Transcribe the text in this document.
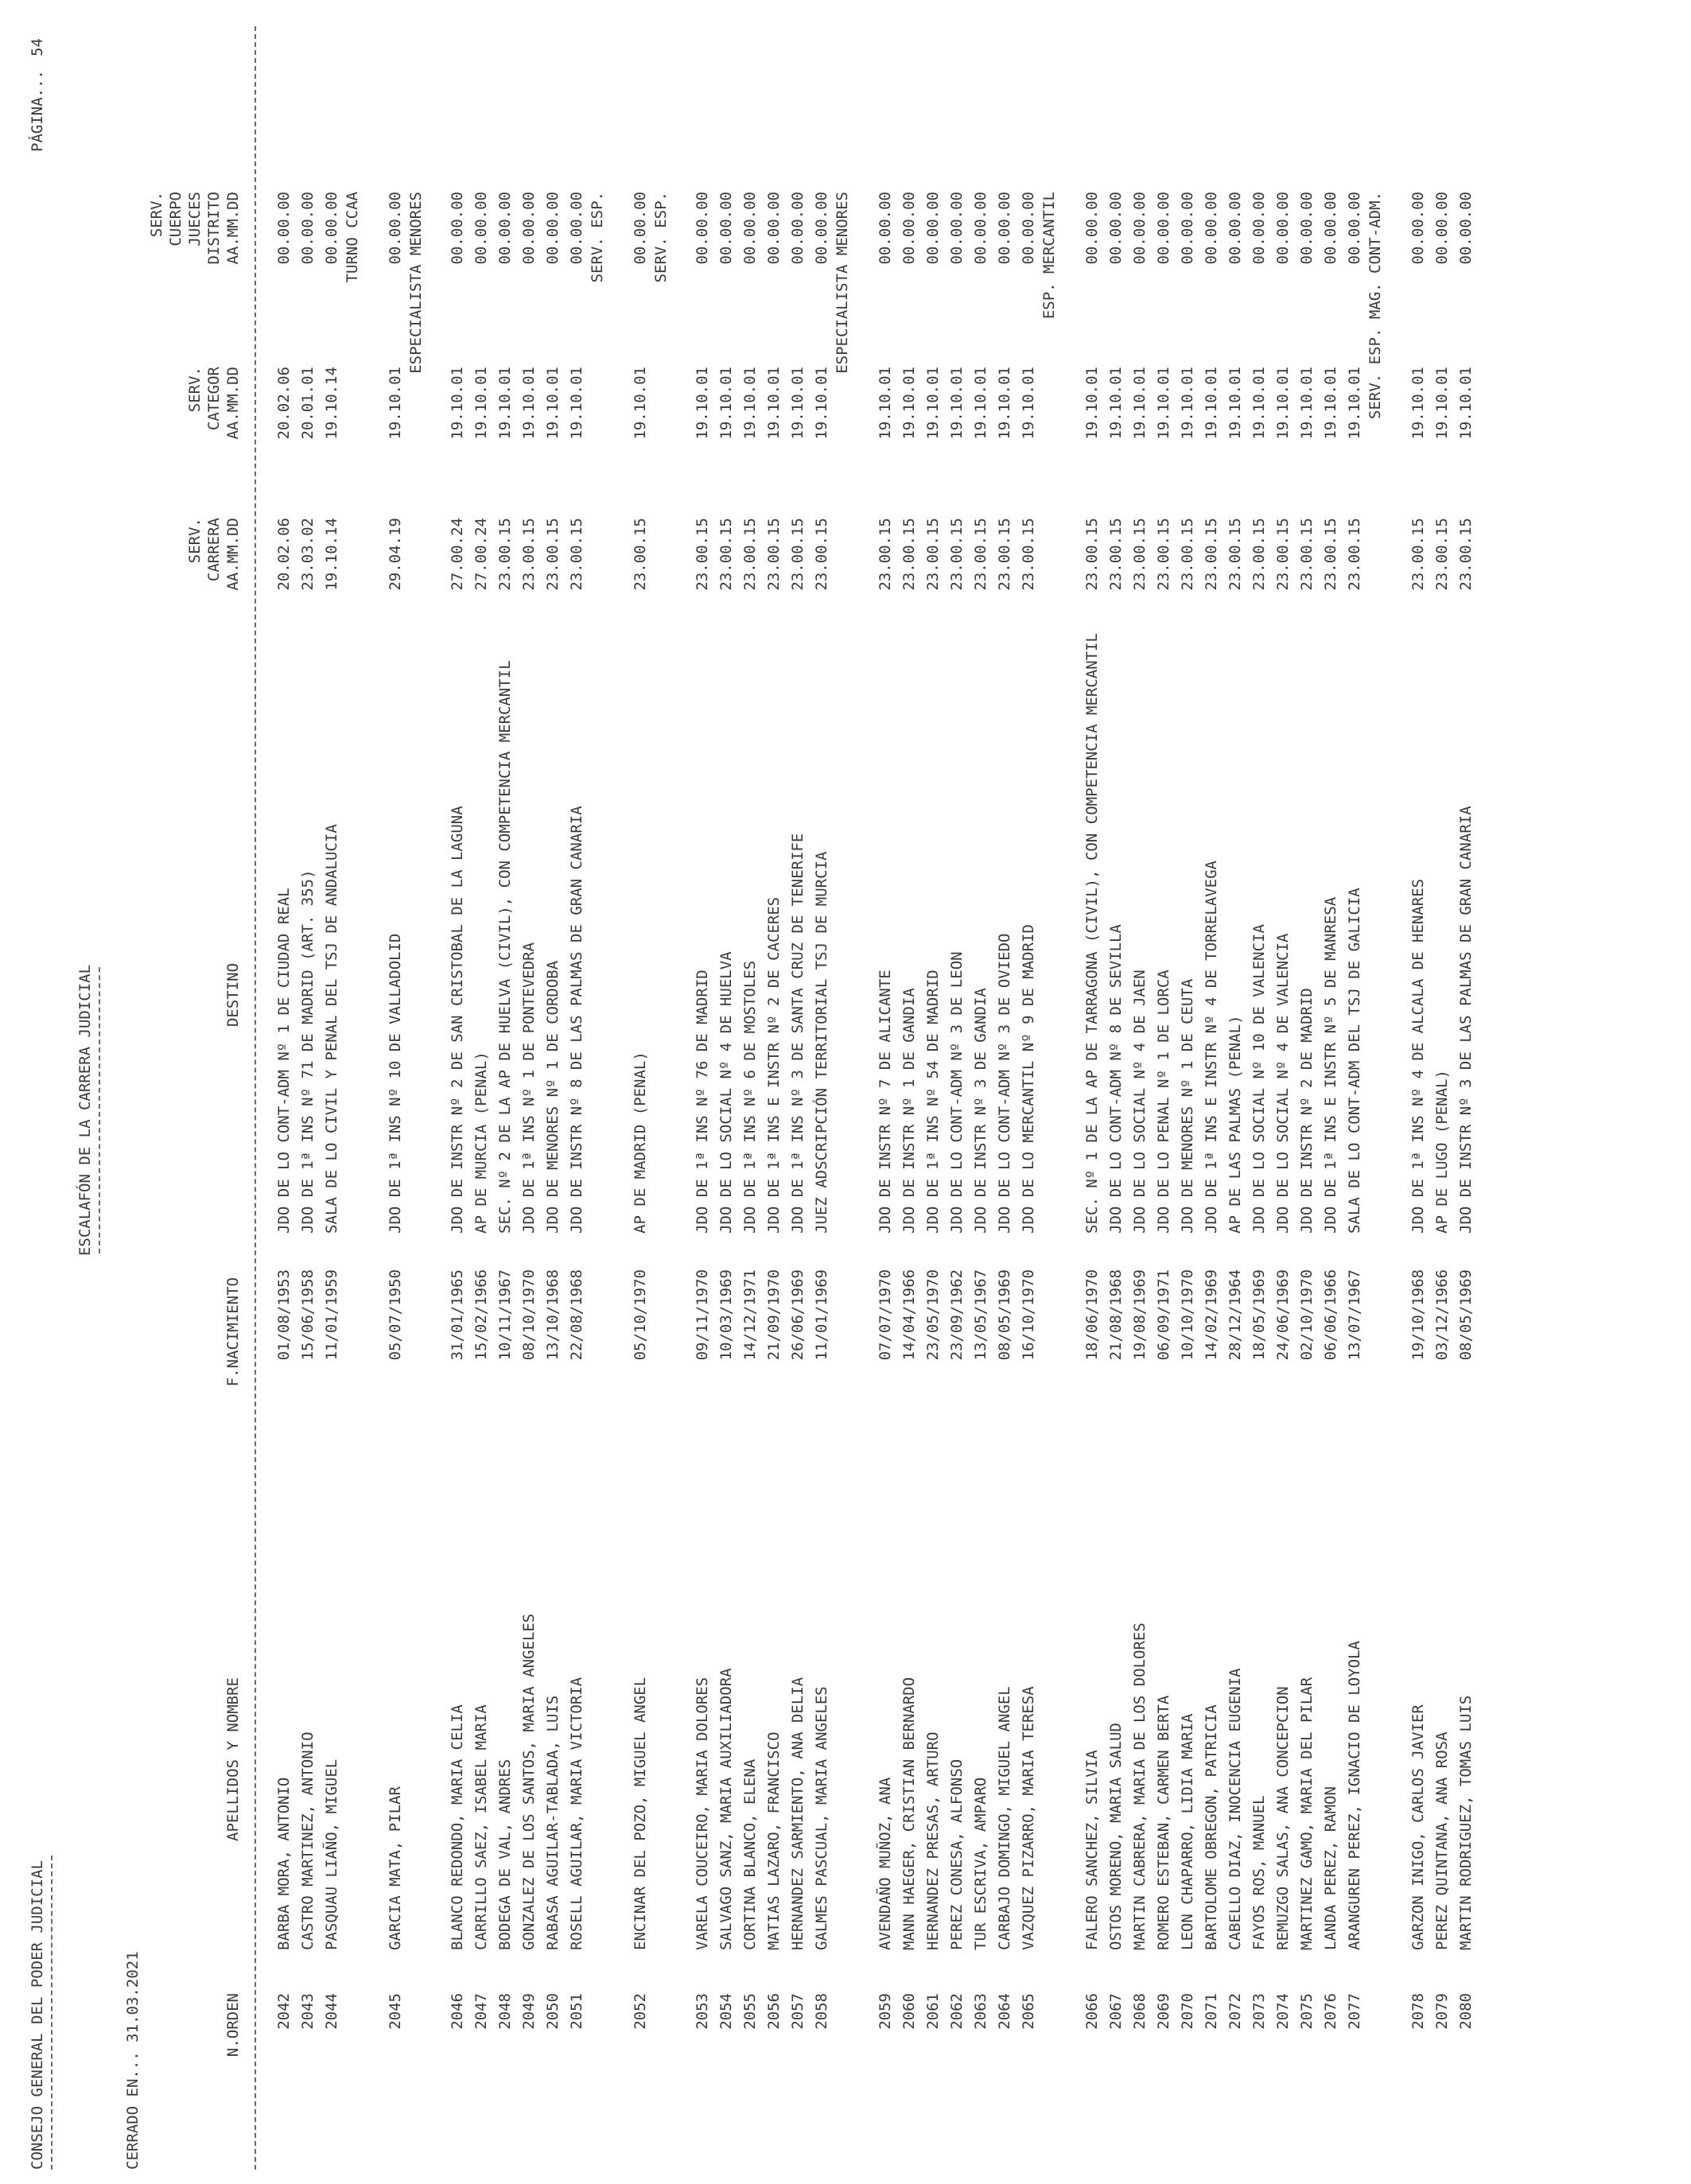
CONSEJO GENERAL DEL PODER JUDICIAL
ESCALAFÓN DE LA CARRERA JUDICIAL
PÁGINA...
54
CERRADO EN... 31.03.2021
SERV. CUERPO JUECES DISTRITO AA.MM.DD
SERV. CATEGOR AA.MM.DD
SERV. CARRERA AA.MM.DD
N.ORDEN
APELLIDOS Y NOMBRE
F.NACIMIENTO
DESTINO
2042
BARBA MORA, ANTONIO
01/08/1953
JDO DE LO CONT-ADM Nº 1 DE CIUDAD REAL
20.02.06
20.02.06
00.00.00
2043
CASTRO MARTINEZ, ANTONIO
15/06/1958
JDO DE 1ª INS Nº 71 DE MADRID (ART. 355)
23.03.02
20.01.01
00.00.00
2044
PASQUAU LIAÑO, MIGUEL
11/01/1959
SALA DE LO CIVIL Y PENAL DEL TSJ DE ANDALUCIA
19.10.14
19.10.14
00.00.00 TURNO CCAA
2045
GARCIA MATA, PILAR
05/07/1950
JDO DE 1ª INS Nº 10 DE VALLADOLID
29.04.19
19.10.01
00.00.00 ESPECIALISTA MENORES
2046
BLANCO REDONDO, MARIA CELIA
31/01/1965
JDO DE INSTR Nº 2 DE SAN CRISTOBAL DE LA LAGUNA
27.00.24
19.10.01
00.00.00
2047
CARRILLO SAEZ, ISABEL MARIA
15/02/1966
AP DE MURCIA (PENAL)
27.00.24
19.10.01
00.00.00
2048
BODEGA DE VAL, ANDRES
10/11/1967
SEC. Nº 2 DE LA AP DE HUELVA (CIVIL), CON COMPETENCIA MERCANTIL
23.00.15
19.10.01
00.00.00
2049
GONZALEZ DE LOS SANTOS, MARIA ANGELES
08/10/1970
JDO DE 1ª INS Nº 1 DE PONTEVEDRA
23.00.15
19.10.01
00.00.00
2050
RABASA AGUILAR-TABLADA, LUIS
13/10/1968
JDO DE MENORES Nº 1 DE CORDOBA
23.00.15
19.10.01
00.00.00
2051
ROSELL AGUILAR, MARIA VICTORIA
22/08/1968
JDO DE INSTR Nº 8 DE LAS PALMAS DE GRAN CANARIA
23.00.15
19.10.01
00.00.00 SERV. ESP.
2052
ENCINAR DEL POZO, MIGUEL ANGEL
05/10/1970
AP DE MADRID (PENAL)
23.00.15
19.10.01
00.00.00 SERV. ESP.
2053
VARELA COUCEIRO, MARIA DOLORES
09/11/1970
JDO DE 1ª INS Nº 76 DE MADRID
23.00.15
19.10.01
00.00.00
2054
SALVAGO SANZ, MARIA AUXILIADORA
10/03/1969
JDO DE LO SOCIAL Nº 4 DE HUELVA
23.00.15
19.10.01
00.00.00
2055
CORTINA BLANCO, ELENA
14/12/1971
JDO DE 1ª INS Nº 6 DE MOSTOLES
23.00.15
19.10.01
00.00.00
2056
MATIAS LAZARO, FRANCISCO
21/09/1970
JDO DE 1ª INS E INSTR Nº 2 DE CACERES
23.00.15
19.10.01
00.00.00
2057
HERNANDEZ SARMIENTO, ANA DELIA
26/06/1969
JDO DE 1ª INS Nº 3 DE SANTA CRUZ DE TENERIFE
23.00.15
19.10.01
00.00.00
2058
GALMES PASCUAL, MARIA ANGELES
11/01/1969
JUEZ ADSCRIPCIÓN TERRITORIAL TSJ DE MURCIA
23.00.15
19.10.01
00.00.00 ESPECIALISTA MENORES
2059
AVENDAÑO MUÑOZ, ANA
07/07/1970
JDO DE INSTR Nº 7 DE ALICANTE
23.00.15
19.10.01
00.00.00
2060
MANN HAEGER, CRISTIAN BERNARDO
14/04/1966
JDO DE INSTR Nº 1 DE GANDIA
23.00.15
19.10.01
00.00.00
2061
HERNANDEZ PRESAS, ARTURO
23/05/1970
JDO DE 1ª INS Nº 54 DE MADRID
23.00.15
19.10.01
00.00.00
2062
PEREZ CONESA, ALFONSO
23/09/1962
JDO DE LO CONT-ADM Nº 3 DE LEON
23.00.15
19.10.01
00.00.00
2063
TUR ESCRIVA, AMPARO
13/05/1967
JDO DE INSTR Nº 3 DE GANDIA
23.00.15
19.10.01
00.00.00
2064
CARBAJO DOMINGO, MIGUEL ANGEL
08/05/1969
JDO DE LO CONT-ADM Nº 3 DE OVIEDO
23.00.15
19.10.01
00.00.00
2065
VAZQUEZ PIZARRO, MARIA TERESA
16/10/1970
JDO DE LO MERCANTIL Nº 9 DE MADRID
23.00.15
19.10.01
00.00.00 ESP. MERCANTIL
2066
FALERO SANCHEZ, SILVIA
18/06/1970
SEC. Nº 1 DE LA AP DE TARRAGONA (CIVIL), CON COMPETENCIA MERCANTIL
23.00.15
19.10.01
00.00.00
2067
OSTOS MORENO, MARIA SALUD
21/08/1968
JDO DE LO CONT-ADM Nº 8 DE SEVILLA
23.00.15
19.10.01
00.00.00
2068
MARTIN CABRERA, MARIA DE LOS DOLORES
19/08/1969
JDO DE LO SOCIAL Nº 4 DE JAEN
23.00.15
19.10.01
00.00.00
2069
ROMERO ESTEBAN, CARMEN BERTA
06/09/1971
JDO DE LO PENAL Nº 1 DE LORCA
23.00.15
19.10.01
00.00.00
2070
LEON CHAPARRO, LIDIA MARIA
10/10/1970
JDO DE MENORES Nº 1 DE CEUTA
23.00.15
19.10.01
00.00.00
2071
BARTOLOME OBREGON, PATRICIA
14/02/1969
JDO DE 1ª INS E INSTR Nº 4 DE TORRELAVEGA
23.00.15
19.10.01
00.00.00
2072
CABELLO DIAZ, INOCENCIA EUGENIA
28/12/1964
AP DE LAS PALMAS (PENAL)
23.00.15
19.10.01
00.00.00
2073
FAYOS ROS, MANUEL
18/05/1969
JDO DE LO SOCIAL Nº 10 DE VALENCIA
23.00.15
19.10.01
00.00.00
2074
REMUZGO SALAS, ANA CONCEPCION
24/06/1969
JDO DE LO SOCIAL Nº 4 DE VALENCIA
23.00.15
19.10.01
00.00.00
2075
MARTINEZ GAMO, MARIA DEL PILAR
02/10/1970
JDO DE INSTR Nº 2 DE MADRID
23.00.15
19.10.01
00.00.00
2076
LANDA PEREZ, RAMON
06/06/1966
JDO DE 1ª INS E INSTR Nº 5 DE MANRESA
23.00.15
19.10.01
00.00.00
2077
ARANGUREN PEREZ, IGNACIO DE LOYOLA
13/07/1967
SALA DE LO CONT-ADM DEL TSJ DE GALICIA
23.00.15
19.10.01
00.00.00 SERV. ESP. MAG. CONT-ADM.
2078
GARZON INIGO, CARLOS JAVIER
19/10/1968
JDO DE 1ª INS Nº 4 DE ALCALA DE HENARES
23.00.15
19.10.01
00.00.00
2079
PEREZ QUINTANA, ANA ROSA
03/12/1966
AP DE LUGO (PENAL)
23.00.15
19.10.01
00.00.00
2080
MARTIN RODRIGUEZ, TOMAS LUIS
08/05/1969
JDO DE INSTR Nº 3 DE LAS PALMAS DE GRAN CANARIA
23.00.15
19.10.01
00.00.00
